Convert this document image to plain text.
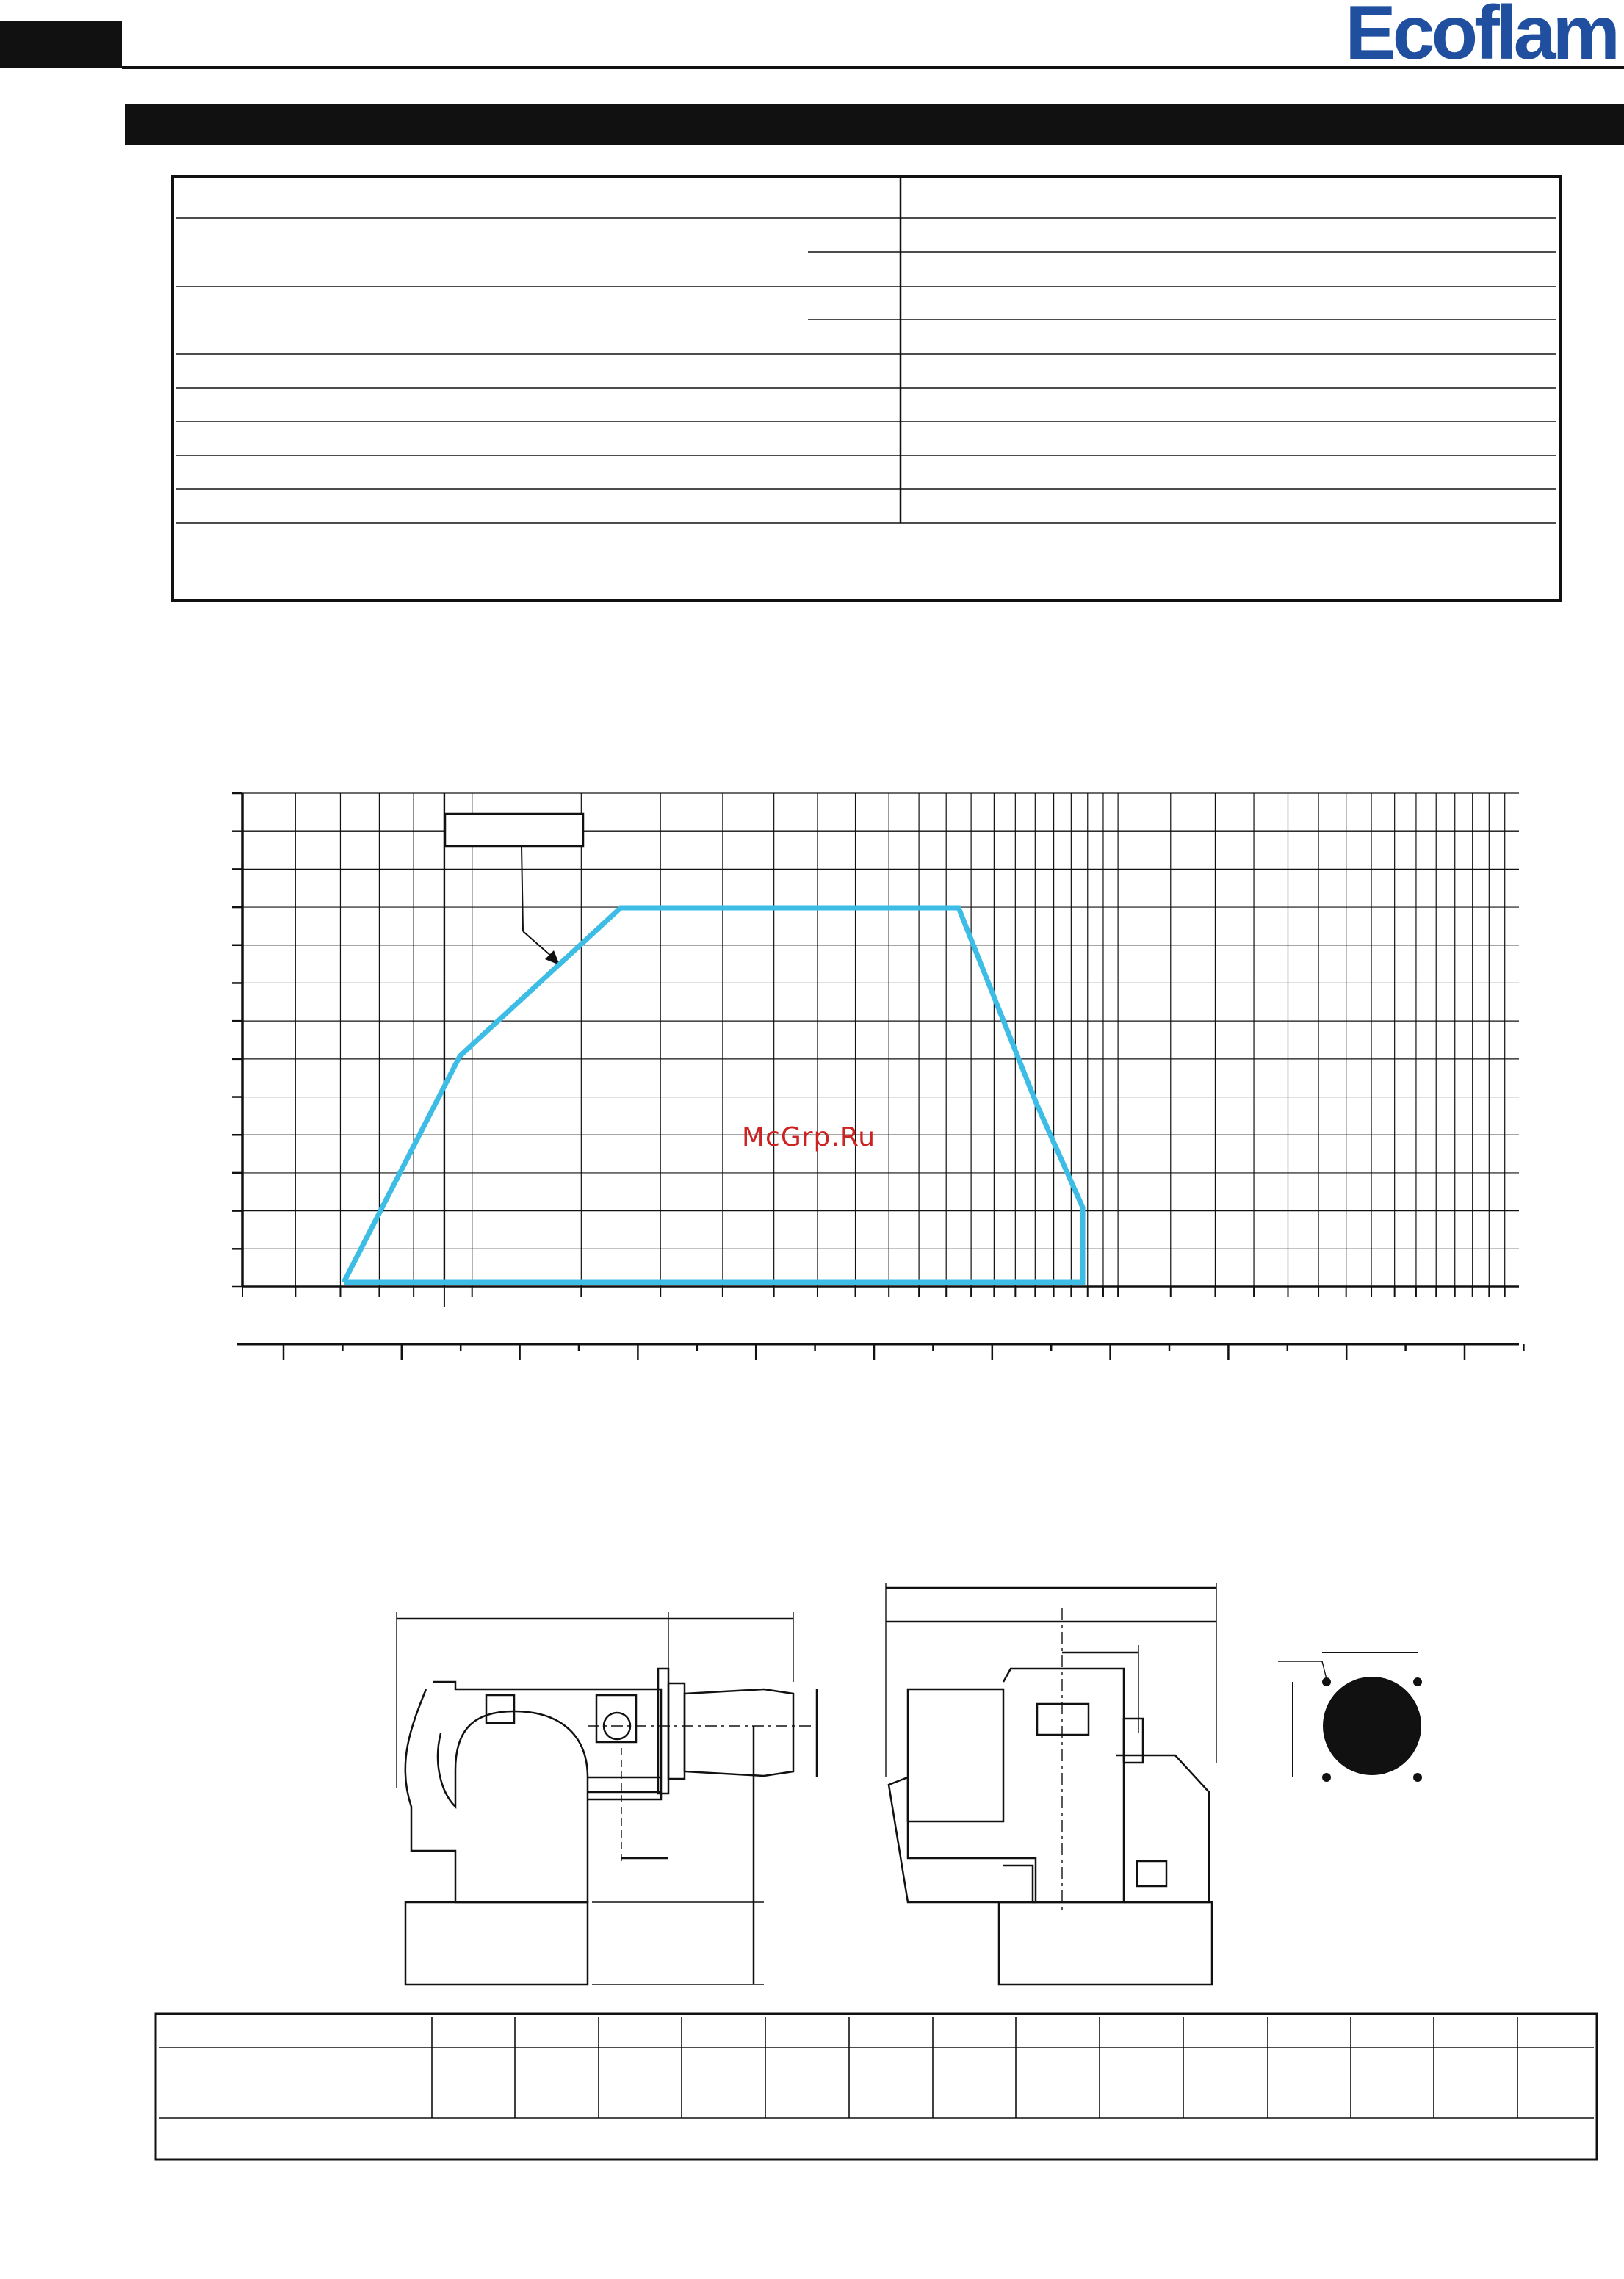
Ecoflam
McGrp.Ru
